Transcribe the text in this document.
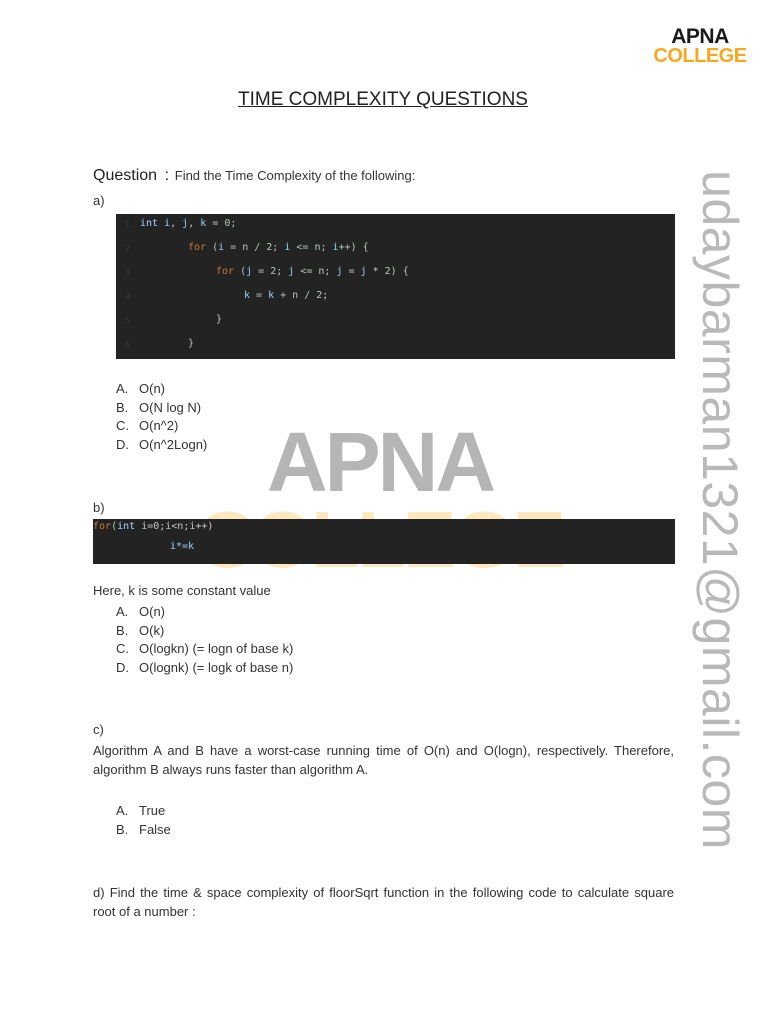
APNA
COLLEGE
APNA	udaybarman1321@gmail.com
TIME COMPLEXITY QUESTIONS
Question : Find the Time Complexity of the following:
a)
1 int i, j, k = 0;
2	for (i = n / 2; i <= n; i++) {
3	for (j = 2; j <= n; j = j * 2) {
4	k = k + n / 2;
5	}
6	}
A. O(n)
B. O(N log N)
C. O(n^2)
D. O(n^2Logn)
b)
for(int i=0;i<n;i++)
i*=k
Here, k is some constant value
A. O(n)
B. O(k)
C. O(logkn) (= logn of base k)
D. O(lognk) (= logk of base n)
c)
Algorithm A and B have a worst-case running time of O(n) and O(logn), respectively. Therefore, algorithm B always runs faster than algorithm A.
A. True
B. False
d) Find the time & space complexity of floorSqrt function in the following code to calculate square root of a number :
